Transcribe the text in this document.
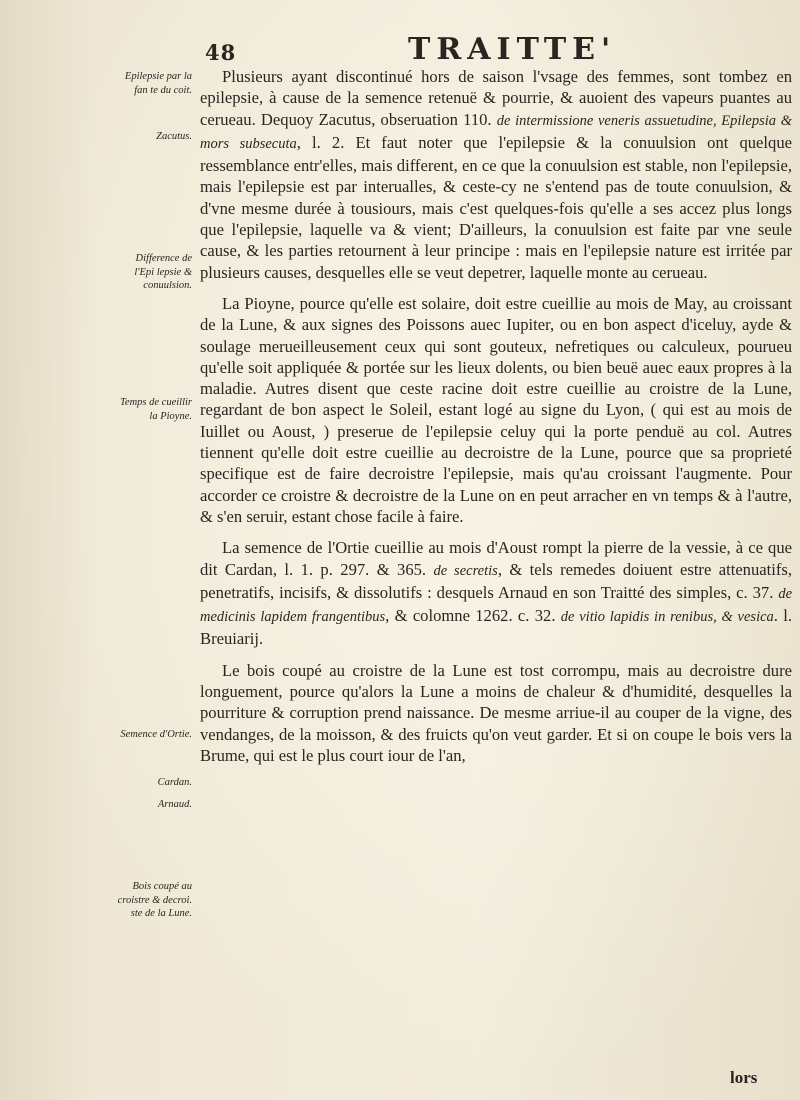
48	TRAITTE'
Epilepsie par la fan te du coit.
Zacutus.
Difference de l'Epi lepsie & conuulsion.
Temps de cueillir la Pioyne.
Semence d'Ortie.
Cardan.
Arnaud.
Bois coupé au croistre & decroi. ste de la Lune.

Plusieurs ayant discontinué hors de saison l'vsage des femmes, sont tombez en epilepsie, à cause de la semence retenuë & pourrie, & auoient des vapeurs puantes au cerueau. Dequoy Zacutus, obseruation 110. de intermissione veneris assuetudine, Epilepsia & mors subsecuta, l. 2. Et faut noter que l'epilepsie & la conuulsion ont quelque ressemblance entr'elles, mais different, en ce que la conuulsion est stable, non l'epilepsie, mais l'epilepsie est par interualles, & ceste-cy ne s'entend pas de toute conuulsion, & d'vne mesme durée à tousiours, mais c'est quelques-fois qu'elle a ses accez plus longs que l'epilepsie, laquelle va & vient; D'ailleurs, la conuulsion est faite par vne seule cause, & les parties retournent à leur principe : mais en l'epilepsie nature est irritée par plusieurs causes, desquelles elle se veut depetrer, laquelle monte au cerueau.

La Pioyne, pource qu'elle est solaire, doit estre cueillie au mois de May, au croissant de la Lune, & aux signes des Poissons auec Iupiter, ou en bon aspect d'iceluy, ayde & soulage merueilleusement ceux qui sont gouteux, nefretiques ou calculeux, pourueu qu'elle soit appliquée & portée sur les lieux dolents, ou bien beuë auec eaux propres à la maladie. Autres disent que ceste racine doit estre cueillie au croistre de la Lune, regardant de bon aspect le Soleil, estant logé au signe du Lyon, ( qui est au mois de Iuillet ou Aoust, ) preserue de l'epilepsie celuy qui la porte penduë au col. Autres tiennent qu'elle doit estre cueillie au decroistre de la Lune, pource que sa proprieté specifique est de faire decroistre l'epilepsie, mais qu'au croissant l'augmente. Pour accorder ce croistre & decroistre de la Lune on en peut arracher en vn temps & à l'autre, & s'en seruir, estant chose facile à faire.

La semence de l'Ortie cueillie au mois d'Aoust rompt la pierre de la vessie, à ce que dit Cardan, l. 1. p. 297. & 365. de secretis, & tels remedes doiuent estre attenuatifs, penetratifs, incisifs, & dissolutifs : desquels Arnaud en son Traitté des simples, c. 37. de medicinis lapidem frangentibus, & colomne 1262. c. 32. de vitio lapidis in renibus, & vesica. l. Breuiarij.

Le bois coupé au croistre de la Lune est tost corrompu, mais au decroistre dure longuement, pource qu'alors la Lune a moins de chaleur & d'humidité, desquelles la pourriture & corruption prend naissance. De mesme arriue-il au couper de la vigne, des vendanges, de la moisson, & des fruicts qu'on veut garder. Et si on coupe le bois vers la Brume, qui est le plus court iour de l'an,

lors
